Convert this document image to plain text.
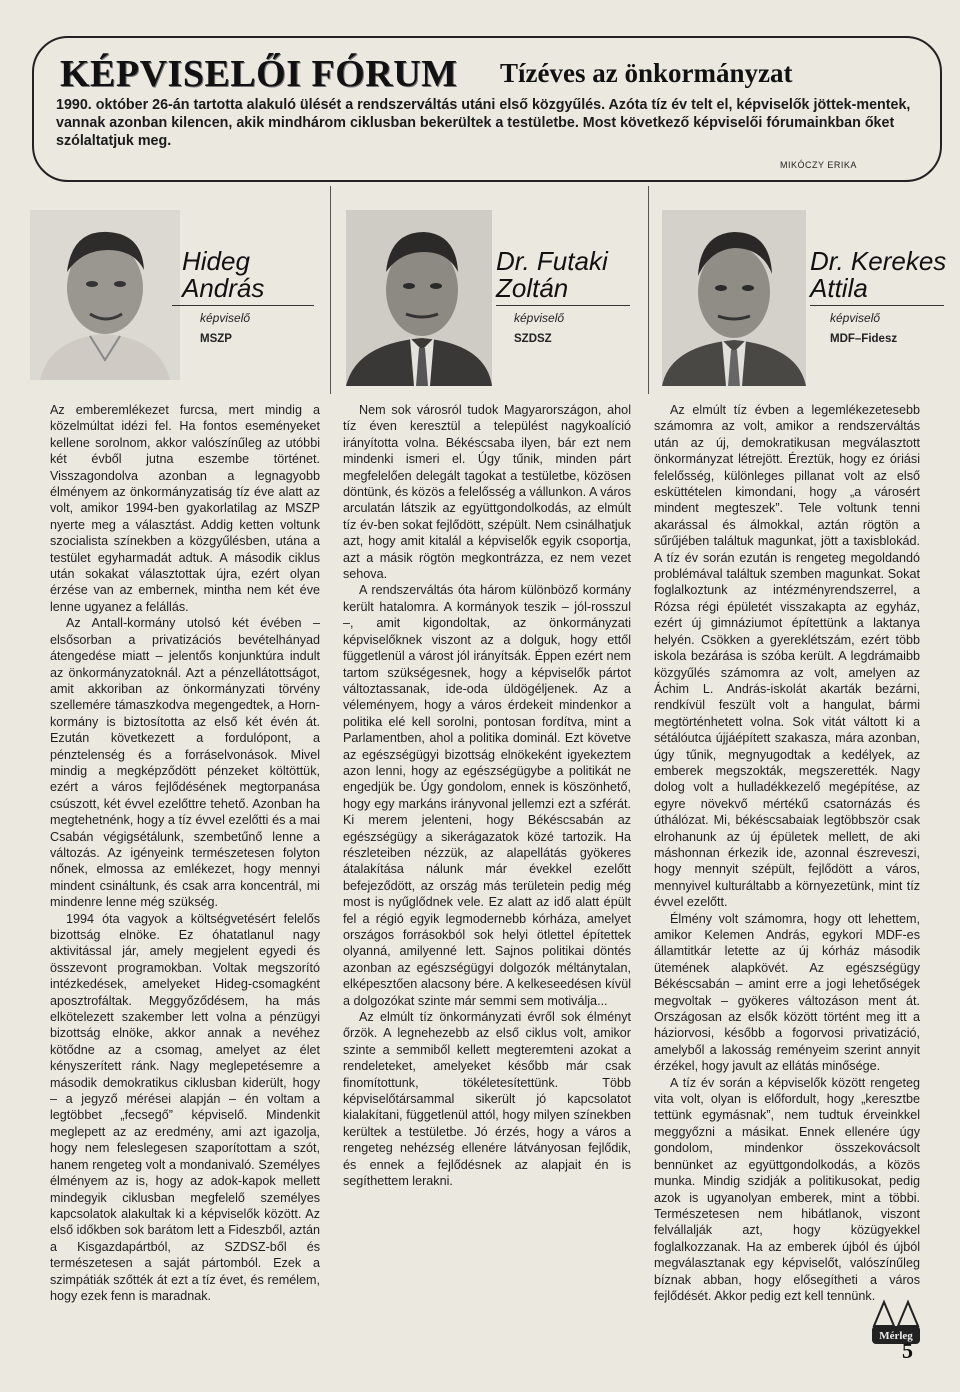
KÉPVISELŐI FÓRUM Tízéves az önkormányzat
1990. október 26-án tartotta alakuló ülését a rendszerváltás utáni első közgyűlés. Azóta tíz év telt el, képviselők jöttek-mentek, vannak azonban kilencen, akik mindhárom ciklusban bekerültek a testületbe. Most következő képviselői fórumainkban őket szólaltatjuk meg.
MIKÓCZY ERIKA
Hideg
András
képviselő
MSZP
Dr. Futaki
Zoltán
képviselő
SZDSZ
Dr. Kerekes
Attila
képviselő
MDF–Fidesz

Az emberemlékezet furcsa, mert mindig a közelmúltat idézi fel. Ha fontos eseményeket kellene sorolnom, akkor valószínűleg az utóbbi két évből jutna eszembe történet. Visszagondolva azonban a legnagyobb élményem az önkormányzatiság tíz éve alatt az volt, amikor 1994-ben gyakorlatilag az MSZP nyerte meg a választást. Addig ketten voltunk szocialista színekben a közgyűlésben, utána a testület egyharmadát adtuk. A második ciklus után sokakat választottak újra, ezért olyan érzése van az embernek, mintha nem két éve lenne ugyanez a felállás.

Az Antall-kormány utolsó két évében – elsősorban a privatizációs bevételhányad átengedése miatt – jelentős konjunktúra indult az önkormányzatoknál. Azt a pénzellátottságot, amit akkoriban az önkormányzati törvény szellemére támaszkodva megengedtek, a Horn-kormány is biztosította az első két évén át. Ezután következett a fordulópont, a pénztelenség és a forráselvonások. Mivel mindig a megképződött pénzeket költöttük, ezért a város fejlődésének megtorpanása csúszott, két évvel ezelőttre tehető. Azonban ha megtehetnénk, hogy a tíz évvel ezelőtti és a mai Csabán végigsétálunk, szembetűnő lenne a változás. Az igényeink természetesen folyton nőnek, elmossa az emlékezet, hogy mennyi mindent csináltunk, és csak arra koncentrál, mi mindenre lenne még szükség.

1994 óta vagyok a költségvetésért felelős bizottság elnöke. Ez óhatatlanul nagy aktivitással jár, amely megjelent egyedi és összevont programokban. Voltak megszorító intézkedések, amelyeket Hideg-csomagként aposztrofáltak. Meggyőződésem, ha más elkötelezett szakember lett volna a pénzügyi bizottság elnöke, akkor annak a nevéhez kötődne az a csomag, amelyet az élet kényszerített ránk. Nagy meglepetésemre a második demokratikus ciklusban kiderült, hogy – a jegyző mérései alapján – én voltam a legtöbbet „fecsegő” képviselő. Mindenkit meglepett az az eredmény, ami azt igazolja, hogy nem feleslegesen szaporítottam a szót, hanem rengeteg volt a mondanivaló. Személyes élményem az is, hogy az adok-kapok mellett mindegyik ciklusban megfelelő személyes kapcsolatok alakultak ki a képviselők között. Az első időkben sok barátom lett a Fideszből, aztán a Kisgazdapártból, az SZDSZ-ből és természetesen a saját pártomból. Ezek a szimpátiák szőtték át ezt a tíz évet, és remélem, hogy ezek fenn is maradnak.

Nem sok városról tudok Magyarországon, ahol tíz éven keresztül a települést nagykoalíció irányította volna. Békéscsaba ilyen, bár ezt nem mindenki ismeri el. Úgy tűnik, minden párt megfelelően delegált tagokat a testületbe, közösen döntünk, és közös a felelősség a vállunkon. A város arculatán látszik az együttgondolkodás, az elmúlt tíz év-ben sokat fejlődött, szépült. Nem csinálhatjuk azt, hogy amit kitalál a képviselők egyik csoportja, azt a másik rögtön megkontrázza, ez nem vezet sehova.

A rendszerváltás óta három különböző kormány került hatalomra. A kormányok teszik – jól-rosszul –, amit kigondoltak, az önkormányzati képviselőknek viszont az a dolguk, hogy ettől függetlenül a várost jól irányítsák. Éppen ezért nem tartom szükségesnek, hogy a képviselők pártot változtassanak, ide-oda üldögéljenek. Az a véleményem, hogy a város érdekeit mindenkor a politika elé kell sorolni, pontosan fordítva, mint a Parlamentben, ahol a politika dominál. Ezt követve az egészségügyi bizottság elnökeként igyekeztem azon lenni, hogy az egészségügybe a politikát ne engedjük be. Úgy gondolom, ennek is köszönhető, hogy egy markáns irányvonal jellemzi ezt a szférát. Ki merem jelenteni, hogy Békéscsabán az egészségügy a sikerágazatok közé tartozik. Ha részleteiben nézzük, az alapellátás gyökeres átalakítása nálunk már évekkel ezelőtt befejeződött, az ország más területein pedig még most is nyűglődnek vele. Ez alatt az idő alatt épült fel a régió egyik legmodernebb kórháza, amelyet országos forrásokból sok helyi ötlettel építettek olyanná, amilyenné lett. Sajnos politikai döntés azonban az egészségügyi dolgozók méltánytalan, elképesztően alacsony bére. A kelkeseedésen kívül a dolgozókat szinte már semmi sem motiválja...

Az elmúlt tíz önkormányzati évről sok élményt őrzök. A legnehezebb az első ciklus volt, amikor szinte a semmiből kellett megteremteni azokat a rendeleteket, amelyeket később már csak finomítottunk, tökéletesítettünk. Több képviselőtársammal sikerült jó kapcsolatot kialakítani, függetlenül attól, hogy milyen színekben kerültek a testületbe. Jó érzés, hogy a város a rengeteg nehézség ellenére látványosan fejlődik, és ennek a fejlődésnek az alapjait én is segíthettem lerakni.

Az elmúlt tíz évben a legemlékezetesebb számomra az volt, amikor a rendszerváltás után az új, demokratikusan megválasztott önkormányzat létrejött. Éreztük, hogy ez óriási felelősség, különleges pillanat volt az első esküttételen kimondani, hogy „a városért mindent megteszek”. Tele voltunk tenni akarással és álmokkal, aztán rögtön a sűrűjében találtuk magunkat, jött a taxisblokád. A tíz év során ezután is rengeteg megoldandó problémával találtuk szemben magunkat. Sokat foglalkoztunk az intézményrendszerrel, a Rózsa régi épületét visszakapta az egyház, ezért új gimnáziumot építettünk a laktanya helyén. Csökken a gyereklétszám, ezért több iskola bezárása is szóba került. A legdrámaibb közgyűlés számomra az volt, amelyen az Áchim L. András-iskolát akarták bezárni, rendkívül feszült volt a hangulat, bármi megtörténhetett volna. Sok vitát váltott ki a sétálóutca újjáépített szakasza, mára azonban, úgy tűnik, megnyugodtak a kedélyek, az emberek megszokták, megszerették. Nagy dolog volt a hulladékkezelő megépítése, az egyre növekvő mértékű csatornázás és úthálózat. Mi, békéscsabaiak legtöbbször csak elrohanunk az új épületek mellett, de aki máshonnan érkezik ide, azonnal észreveszi, hogy mennyit szépült, fejlődött a város, mennyivel kulturáltabb a környezetünk, mint tíz évvel ezelőtt.

Élmény volt számomra, hogy ott lehettem, amikor Kelemen András, egykori MDF-es államtitkár letette az új kórház második ütemének alapkövét. Az egészségügy Békéscsabán – amint erre a jogi lehetőségek megvoltak – gyökeres változáson ment át. Országosan az elsők között történt meg itt a háziorvosi, később a fogorvosi privatizáció, amelyből a lakosság reményeim szerint annyit érzékel, hogy javult az ellátás minősége.

A tíz év során a képviselők között rengeteg vita volt, olyan is előfordult, hogy „keresztbe tettünk egymásnak”, nem tudtuk érveinkkel meggyőzni a másikat. Ennek ellenére úgy gondolom, mindenkor összekovácsolt bennünket az együttgondolkodás, a közös munka. Mindig szidják a politikusokat, pedig azok is ugyanolyan emberek, mint a többi. Természetesen nem hibátlanok, viszont felvállalják azt, hogy közügyekkel foglalkozzanak. Ha az emberek újból és újból megválasztanak egy képviselőt, valószínűleg bíznak abban, hogy elősegítheti a város fejlődését. Akkor pedig ezt kell tennünk.

Mérleg
5
